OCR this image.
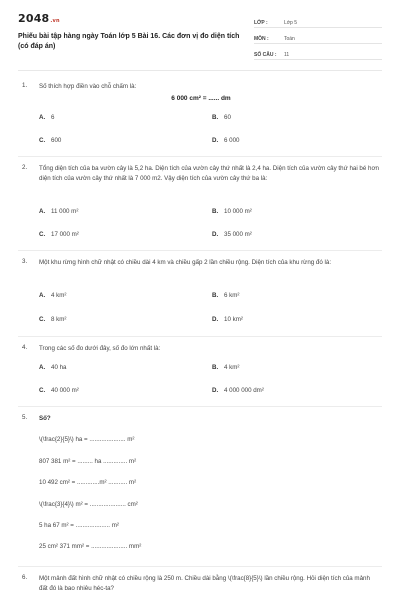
2048.vn
Phiếu bài tập hàng ngày Toán lớp 5 Bài 16. Các đơn vị đo diện tích (có đáp án)
LỚP :	Lớp 5
MÔN :	Toán
SỐ CÂU :	11
1. Số thích hợp điền vào chỗ chấm là:
6 000 cm² = ...... dm
A. 6	B. 60
C. 600	D. 6 000
2. Tổng diện tích của ba vườn cây là 5,2 ha. Diện tích của vườn cây thứ nhất là 2,4 ha. Diện tích của vườn cây thứ hai bé hơn diện tích của vườn cây thứ nhất là 7 000 m2. Vậy diện tích của vườn cây thứ ba là:
A. 11 000 m²	B. 10 000 m²
C. 17 000 m²	D. 35 000 m²
3. Một khu rừng hình chữ nhật có chiều dài 4 km và chiều gấp 2 lần chiều rộng. Diện tích của khu rừng đó là:
A. 4 km²	B. 6 km²
C. 8 km²	D. 10 km²
4. Trong các số đo dưới đây, số đo lớn nhất là:
A. 40 ha	B. 4 km²
C. 40 000 m²	D. 4 000 000 dm²
5. Số?
\(\frac{2}{5}\) ha = ..................... m²
807 381 m² = ......... ha .............. m²
10 492 cm² = .............m² ........... m²
\(\frac{3}{4}\) m² = ..................... cm²
5 ha 67 m² = .................... m²
25 cm² 371 mm² = ..................... mm²
6. Một mảnh đất hình chữ nhật có chiều rộng là 250 m. Chiều dài bằng \(\frac{8}{5}\) lần chiều rộng. Hỏi diện tích của mảnh đất đó là bao nhiêu héc-ta?
